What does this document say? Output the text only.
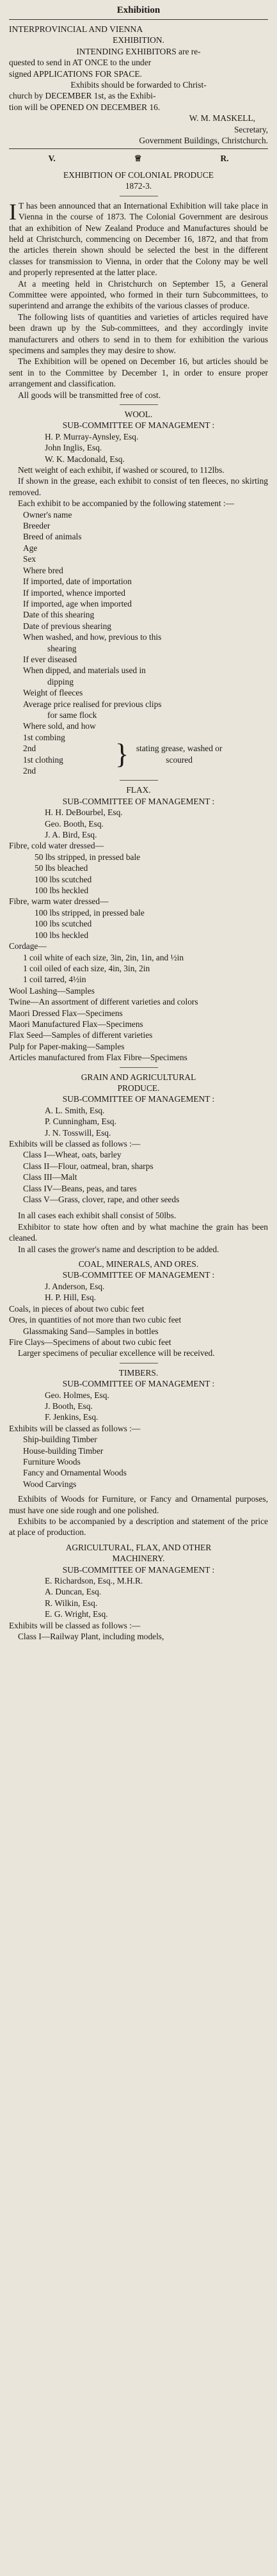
Exhibition
INTERPROVINCIAL AND VIENNA
EXHIBITION.
INTENDING EXHIBITORS are re-
quested to send in AT ONCE to the under
signed APPLICATIONS FOR SPACE.
Exhibits should be forwarded to Christ-
church by DECEMBER 1st, as the Exhibi-
tion will be OPENED ON DECEMBER 16.
W. M. MASKELL,
Secretary,
Government Buildings, Christchurch.
V.	♕	R.
EXHIBITION OF COLONIAL PRODUCE
1872-3.

I T has been announced that an International Exhibition will take place in Vienna in the course of 1873. The Colonial Government are desirous that an exhibition of New Zealand Produce and Manufactures should be held at Christchurch, commencing on December 16, 1872, and that from the articles therein shown should be selected the best in the different classes for transmission to Vienna, in order that the Colony may be well and properly represented at the latter place.

At a meeting held in Christchurch on September 15, a General Committee were appointed, who formed in their turn Subcommittees, to superintend and arrange the exhibits of the various classes of produce.

The following lists of quantities and varieties of articles required have been drawn up by the Sub-committees, and they accordingly invite manufacturers and others to send in to them for exhibition the various specimens and samples they may desire to show.

The Exhibition will be opened on December 16, but articles should be sent in to the Committee by December 1, in order to ensure proper arrangement and classification.

All goods will be transmitted free of cost.

WOOL.
SUB-COMMITTEE OF MANAGEMENT :
H. P. Murray-Aynsley, Esq.
John Inglis, Esq.
W. K. Macdonald, Esq.

Nett weight of each exhibit, if washed or scoured, to 112lbs.

If shown in the grease, each exhibit to consist of ten fleeces, no skirting removed.

Each exhibit to be accompanied by the following statement :—

Owner's name
Breeder
Breed of animals
Age
Sex
Where bred
If imported, date of importation
If imported, whence imported
If imported, age when imported
Date of this shearing
Date of previous shearing
When washed, and how, previous to this
shearing
If ever diseased
When dipped, and materials used in
dipping
Weight of fleeces
Average price realised for previous clips
for same flock
Where sold, and how
1st combing
2nd
1st clothing
2nd
} stating grease, washed or scoured
FLAX.
SUB-COMMITTEE OF MANAGEMENT :
H. H. DeBourbel, Esq.
Geo. Booth, Esq.
J. A. Bird, Esq.
Fibre, cold water dressed—
50 lbs stripped, in pressed bale
50 lbs bleached
100 lbs scutched
100 lbs heckled
Fibre, warm water dressed—
100 lbs stripped, in pressed bale
100 lbs scutched
100 lbs heckled
Cordage—
1 coil white of each size, 3in, 2in, 1in, and ½in
1 coil oiled of each size, 4in, 3in, 2in
1 coil tarred, 4½in
Wool Lashing—Samples
Twine—An assortment of different varieties and colors
Maori Dressed Flax—Specimens
Maori Manufactured Flax—Specimens
Flax Seed—Samples of different varieties
Pulp for Paper-making—Samples
Articles manufactured from Flax Fibre—Specimens
GRAIN AND AGRICULTURAL
PRODUCE.
SUB-COMMITTEE OF MANAGEMENT :
A. L. Smith, Esq.
P. Cunningham, Esq.
J. N. Tosswill, Esq.
Exhibits will be classed as follows :—
Class I—Wheat, oats, barley
Class II—Flour, oatmeal, bran, sharps
Class III—Malt
Class IV—Beans, peas, and tares
Class V—Grass, clover, rape, and other seeds

In all cases each exhibit shall consist of 50lbs.

Exhibitor to state how often and by what machine the grain has been cleaned.

In all cases the grower's name and description to be added.

COAL, MINERALS, AND ORES.
SUB-COMMITTEE OF MANAGEMENT :
J. Anderson, Esq.
H. P. Hill, Esq.
Coals, in pieces of about two cubic feet
Ores, in quantities of not more than two cubic feet
Glassmaking Sand—Samples in bottles
Fire Clays—Specimens of about two cubic feet

Larger specimens of peculiar excellence will be received.

TIMBERS.
SUB-COMMITTEE OF MANAGEMENT :
Geo. Holmes, Esq.
J. Booth, Esq.
F. Jenkins, Esq.
Exhibits will be classed as follows :—
Ship-building Timber
House-building Timber
Furniture Woods
Fancy and Ornamental Woods
Wood Carvings

Exhibits of Woods for Furniture, or Fancy and Ornamental purposes, must have one side rough and one polished.

Exhibits to be accompanied by a description and statement of the price at place of production.

AGRICULTURAL, FLAX, AND OTHER
MACHINERY.
SUB-COMMITTEE OF MANAGEMENT :
E. Richardson, Esq., M.H.R.
A. Duncan, Esq.
R. Wilkin, Esq.
E. G. Wright, Esq.
Exhibits will be classed as follows :—
Class I—Railway Plant, including models,
